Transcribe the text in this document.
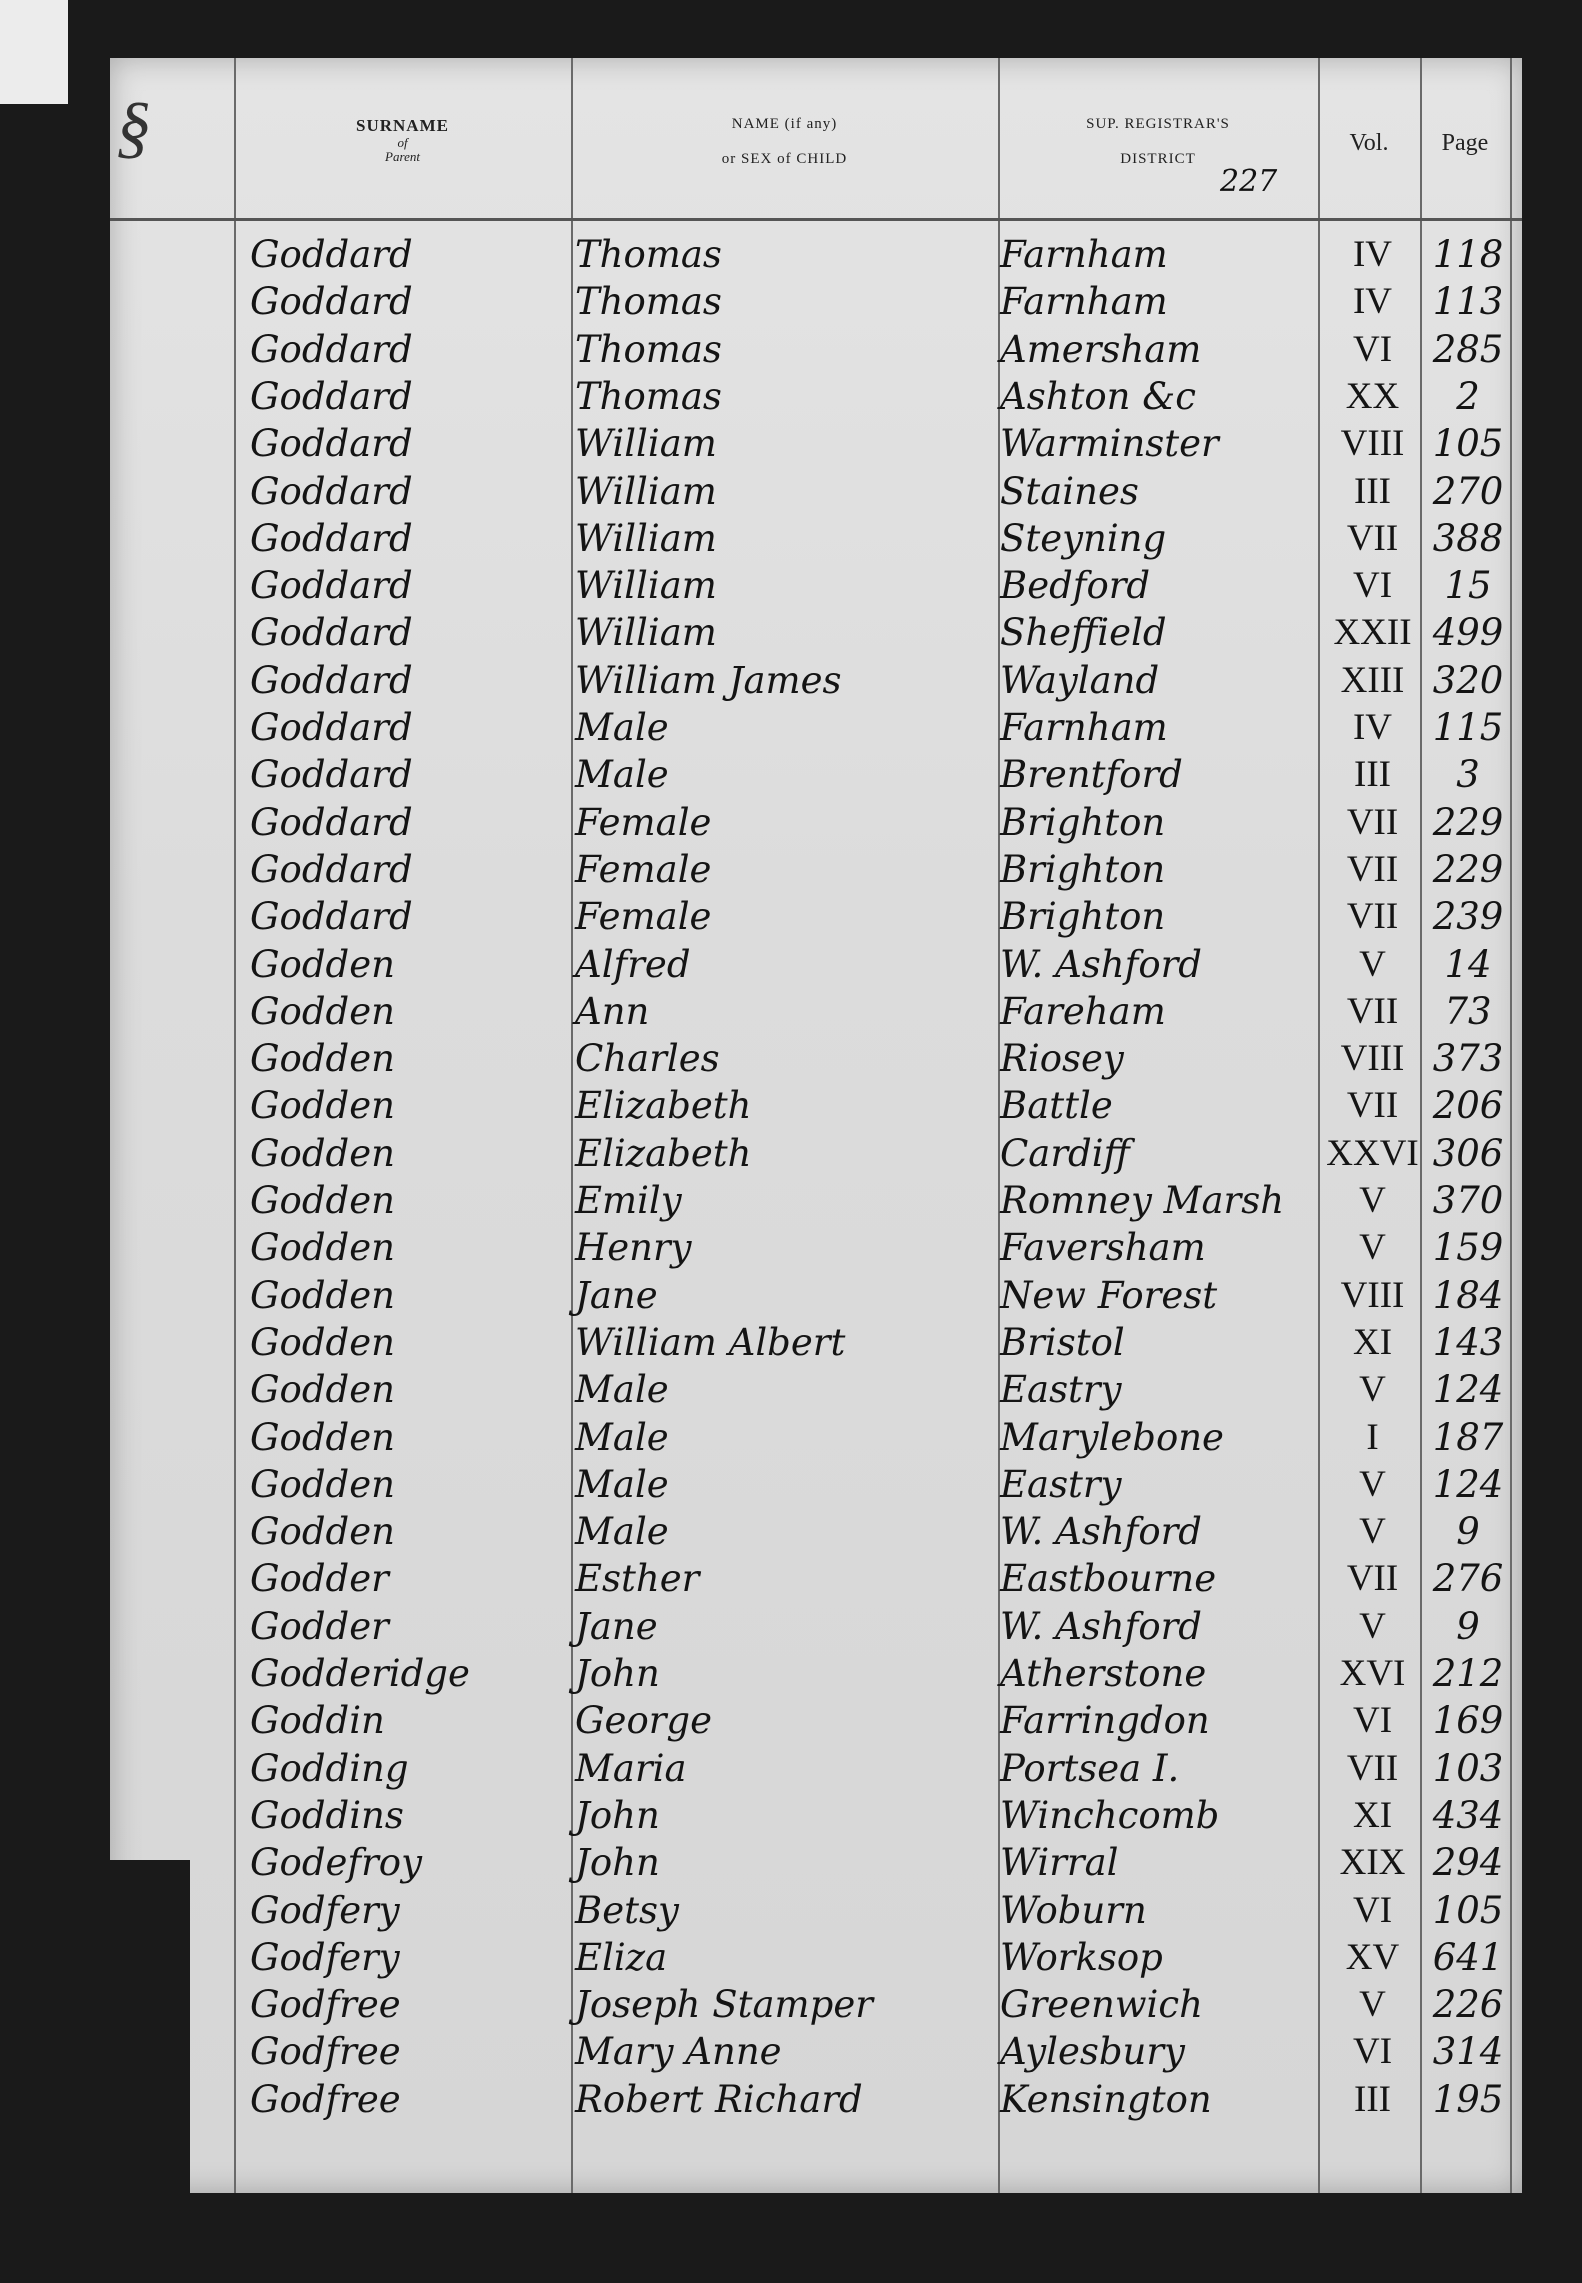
§	SURNAME
of
Parent
NAME (if any)
or SEX of CHILD
SUP. REGISTRAR'S
DISTRICT
227
Vol.	Page
Goddard	Thomas	Farnham	IV	118
Goddard	Thomas	Farnham	IV	113
Goddard	Thomas	Amersham	VI	285
Goddard	Thomas	Ashton &c	XX	2
Goddard	William	Warminster	VIII 105
Goddard	William	Staines	III	270
Goddard	William	Steyning	VII 388
Goddard	William	Bedford	VI	15
Goddard	William	Sheffield	XXII 499
Goddard	William James	Wayland	XIII 320
Goddard	Male	Farnham	IV	115
Goddard	Male	Brentford	III	3
Goddard	Female	Brighton	VII 229
Goddard	Female	Brighton	VII 229
Goddard	Female	Brighton	VII 239
Godden	Alfred	W. Ashford	V	14
Godden	Ann	Fareham	VII	73
Godden	Charles	Riosey	VIII 373
Godden	Elizabeth	Battle	VII 206
Godden	Elizabeth	Cardiff	XXVI 306
Godden	Emily	Romney Marsh	V	370
Godden	Henry	Faversham	V	159
Godden	Jane	New Forest	VIII 184
Godden	William Albert	Bristol	XI	143
Godden	Male	Eastry	V	124
Godden	Male	Marylebone	I	187
Godden	Male	Eastry	V	124
Godden	Male	W. Ashford	V	9
Godder	Esther	Eastbourne	VII 276
Godder	Jane	W. Ashford	V	9
Godderidge	John	Atherstone	XVI 212
Goddin	George	Farringdon	VI	169
Godding	Maria	Portsea I.	VII 103
Goddins	John	Winchcomb	XI	434
Godefroy	John	Wirral	XIX 294
Godfery	Betsy	Woburn	VI	105
Godfery	Eliza	Worksop	XV 641
Godfree	Joseph Stamper	Greenwich	V	226
Godfree	Mary Anne	Aylesbury	VI	314
Godfree	Robert Richard	Kensington	III	195
